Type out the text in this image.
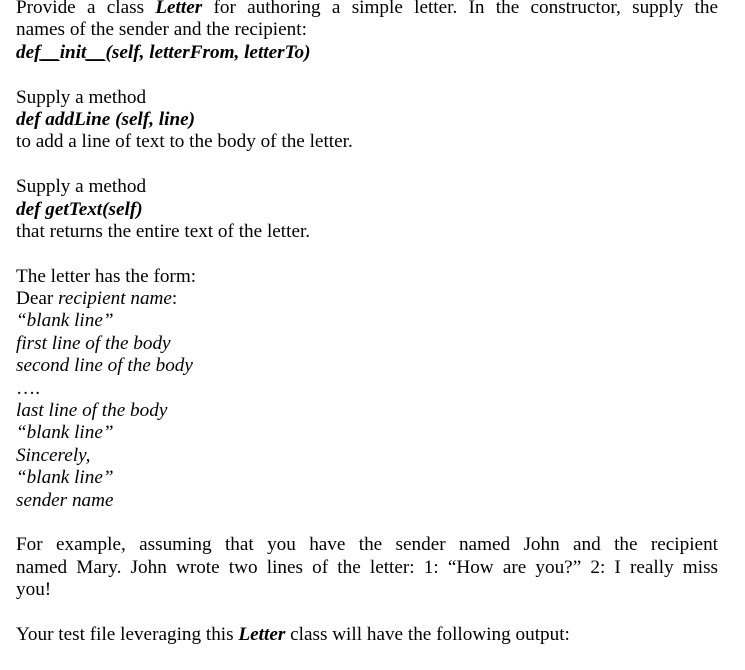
Provide a class Letter for authoring a simple letter. In the constructor, supply the
names of the sender and the recipient:
def__init__(self, letterFrom, letterTo)
Supply a method
def addLine (self, line)
to add a line of text to the body of the letter.
Supply a method
def getText(self)
that returns the entire text of the letter.
The letter has the form:
Dear recipient name:
“blank line”
first line of the body
second line of the body
….
last line of the body
“blank line”
Sincerely,
“blank line”
sender name
For example, assuming that you have the sender named John and the recipient
named Mary. John wrote two lines of the letter: 1: “How are you?” 2: I really miss
you!
Your test file leveraging this Letter class will have the following output:
